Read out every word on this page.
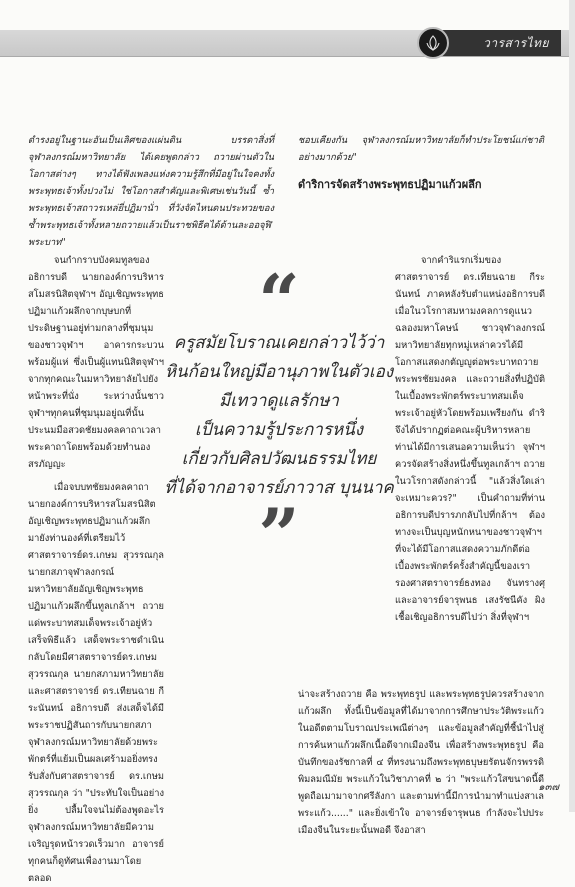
วารสารไทย

ดำรงอยู่ในฐานะอันเป็นเลิศของแผ่นดิน บรรดาสิ่งที่จุฬาลงกรณ์มหาวิทยาลัย ได้เคยพูดกล่าว ถวายผ่านตัวในโอกาสต่างๆ ทางได้ฟังเพลงแห่งความรู้สึกที่มีอยู่ในใจคงทั้งพระพุทธเจ้าทั้งปวงไม่ ใช่โอกาสสำคัญและพิเศษเช่นวันนี้ ซ้ำพระพุทธเจ้าสถาวรเหล่ยี่ปฏิมานั่า ที่วังจัดไหนดนประทวยของซ้ำพระพุทธเจ้าทั้งหลายถวายแล้วเป็นราชพิธีคได้ด้านละออจุฬิพระบาท"

จนกำกราบบังคมทูลของอธิการบดี นายกองค์การบริหารสโมสรนิสิตจุฬาฯ อัญเชิญพระพุทธปฏิมาแก้วผลึกจากบุษบกที่ประดิษฐานอยู่ท่ามกลางที่ชุมนุมของชาวจุฬาฯ อาคารกระบวนพร้อมผู้แห่ ซึ่งเป็นผู้แทนนิสิตจุฬาฯ จากทุกคณะในมหาวิทยาลัยไปยังหน้าพระที่นั่ง ระหว่างนั้นชาวจุฬาฯทุกคนที่ชุมนุมอยู่ณที่นั้นประนมมือสวดชัยมงคลคาถาเวลาพระคาถาโดยพร้อมด้วยทำนองสรภัญญะ

เมื่อจบบทชัยมงคลคาถา นายกองค์การบริหารสโมสรนิสิตอัญเชิญพระพุทธปฏิมาแก้วผลึกมายังท่านองค์ที่เตรียมไว้ ศาสตราจารย์ดร.เกษม สุวรรณกุล นายกสภาจุฬาลงกรณ์มหาวิทยาลัยอัญเชิญพระพุทธปฏิมาแก้วผลึกขึ้นทูลเกล้าฯ ถวายแด่พระบาทสมเด็จพระเจ้าอยู่หัว เสร็จพิธีแล้ว เสด็จพระราชดำเนินกลับโดยมีศาสตราจารย์ดร.เกษม สุวรรณกุล นายกสภามหาวิทยาลัยและศาสตราจารย์ ดร.เทียนฉาย กีระนันทน์ อธิการบดี ส่งเสด็จได้มีพระราชปฏิสันถารกับนายกสภาจุฬาลงกรณ์มหาวิทยาลัยด้วยพระพักตร์ที่แย้มเป็นผลเศร้ามอยิ่งทรงรับสั่งกับศาสตราจารย์ ดร.เกษม สุวรรณกุล ว่า "ประทับใจเป็นอย่างยิ่ง ปลื้มใจจนไม่ต้องพูดอะไร จุฬาลงกรณ์มหาวิทยาลัยมีความเจริญรุดหน้ารวดเร็วมาก อาจารย์ทุกคนก็ดูทัศนเพื่องานมาโดยตลอด

ชอบเคียงกัน จุฬาลงกรณ์มหาวิทยาลัยก็ทำประโยชน์แก่ชาติอย่างมากด้วย"

ดำริการจัดสร้างพระพุทธปฏิมาแก้วผลึก

จากคำริแรกเริ่มของ ศาสตราจารย์ ดร.เทียนฉาย กีระนันทน์ ภาคหลังรับตำแหน่งอธิการบดี เมื่อในวโรกาสมหามงคลการดูแนวฉลองมหาโคษน์ ชาวจุฬาลงกรณ์มหาวิทยาลัยทุกหมู่เหล่าควรได้มีโอกาสแสดงกตัญญูต่อพระบาทถวายพระพรชัยมงคล และถวายสิ่งที่ปฏิบัติในเบื้องพระพักตร์พระบาทสมเด็จพระเจ้าอยู่หัวโดยพร้อมเพรียงกัน ดำริจึงได้ปรากฏต่อคณะผู้บริหารหลายท่านได้มีการเสนอความเห็นว่า จุฬาฯ ควรจัดสร้างสิ่งหนึ่งขึ้นทูลเกล้าฯ ถวาย ในวโรกาสดังกล่าวนี้ "แล้วสิ่งใดเล่าจะเหมาะควร?" เป็นคำถามที่ท่านอธิการบดีปรารภกลับไปที่กล้าฯ ต้องทางจะเป็นบุญหนักหนาของชาวจุฬาฯที่จะได้มีโอกาสแสดงความภักดีต่อเบื้องพระพักตร์ครั้งสำคัญนี้ของเรา รองศาสตราจารย์ธงทอง จันทรางศุ และอาจารย์จารุพนธ เสงรัชนีคัง ผิงเชื้อเชิญอธิการบดีไปว่า สิ่งที่จุฬาฯ

น่าจะสร้างถวาย คือ พระพุทธรูป และพระพุทธรูปควรสร้างจากแก้วผลึก ทั้งนี้เป็นข้อมูลที่ได้มาจากการศึกษาประวัติพระแก้วในอดีตตามโบราณประเพณีต่างๆ และข้อมูลสำคัญที่ชี้นำไปสู่การค้นหาแก้วผลึกเนื้อดีจากเมืองจีน เพื่อสร้างพระพุทธรูป คือ บันทึกของรัชกาลที่ ๔ ที่ทรงนามถึงพระพุทธบุษยรัตนจักรพรรดิพิมลมณีมัย พระแก้วในวิชาภาคที่ ๒ ว่า "พระแก้วใสขนาดนี้ดีพูดถือเมามาจากศรีลังกา และตามท่านี้มีการนำมาทำแบ่งสาเลพระแก้ว......" และยิ่งเข้าใจ อาจารย์จารุพนธ กำลังจะไปประเมืองจีนในระยะนั้นพอดี จึงอาสา

“
ครูสมัยโบราณเคยกล่าวไว้ว่า
หินก้อนใหญ่มีอานุภาพในตัวเอง
มีเทวาดูแลรักษา
เป็นความรู้ประการหนึ่ง
เกี่ยวกับศิลปวัฒนธรรมไทย
ที่ได้จากอาจารย์ภาวาส บุนนาค
”
๑๓๗
